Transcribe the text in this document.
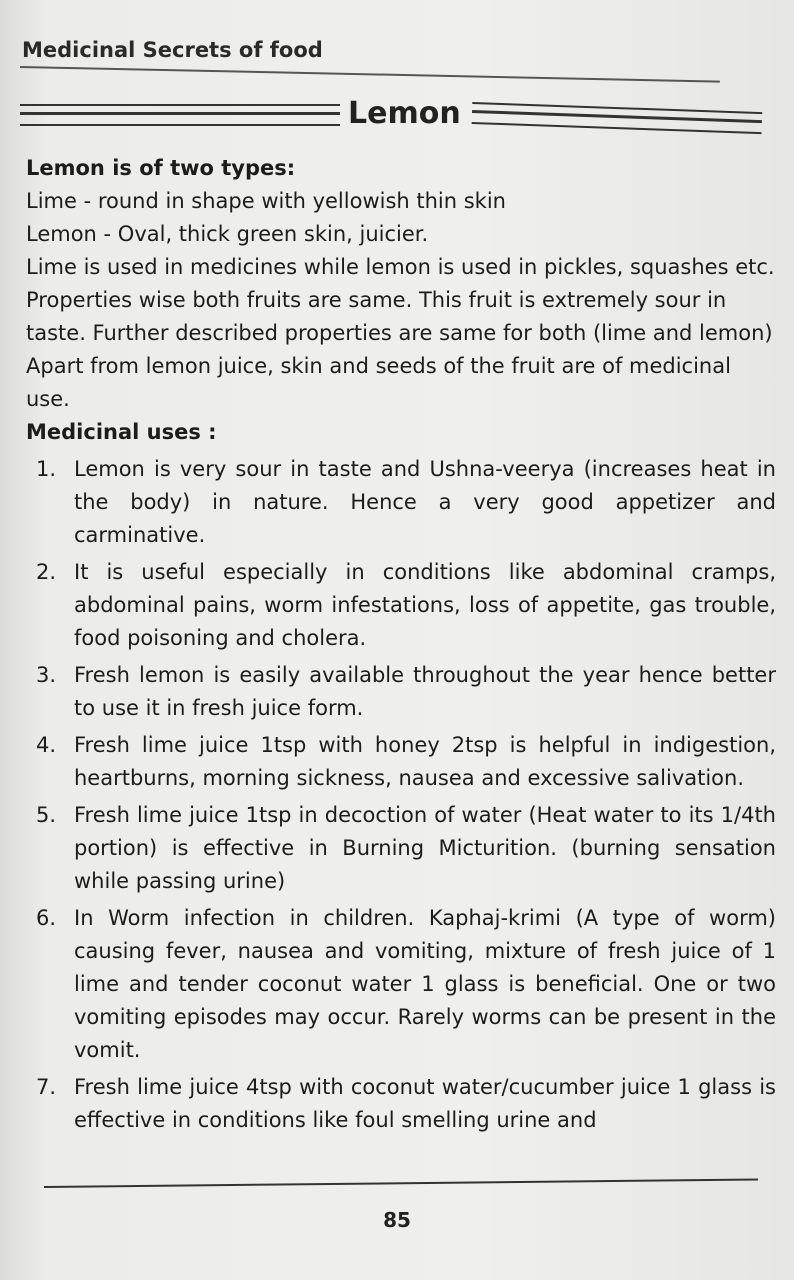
Medicinal Secrets of food
Lemon

Lemon is of two types:

Lime - round in shape with yellowish thin skin

Lemon - Oval, thick green skin, juicier.

Lime is used in medicines while lemon is used in pickles, squashes etc.

Properties wise both fruits are same. This fruit is extremely sour in taste. Further described properties are same for both (lime and lemon)

Apart from lemon juice, skin and seeds of the fruit are of medicinal use.

Medicinal uses :

1. Lemon is very sour in taste and Ushna-veerya (increases heat in the body) in nature. Hence a very good appetizer and carminative.
2. It is useful especially in conditions like abdominal cramps, abdominal pains, worm infestations, loss of appetite, gas trouble, food poisoning and cholera.
3. Fresh lemon is easily available throughout the year hence better to use it in fresh juice form.
4. Fresh lime juice 1tsp with honey 2tsp is helpful in indigestion, heartburns, morning sickness, nausea and excessive salivation.
5. Fresh lime juice 1tsp in decoction of water (Heat water to its 1/4th portion) is effective in Burning Micturition. (burning sensation while passing urine)
6. In Worm infection in children. Kaphaj-krimi (A type of worm) causing fever, nausea and vomiting, mixture of fresh juice of 1 lime and tender coconut water 1 glass is beneficial. One or two vomiting episodes may occur. Rarely worms can be present in the vomit.
7. Fresh lime juice 4tsp with coconut water/cucumber juice 1 glass is effective in conditions like foul smelling urine and
85
